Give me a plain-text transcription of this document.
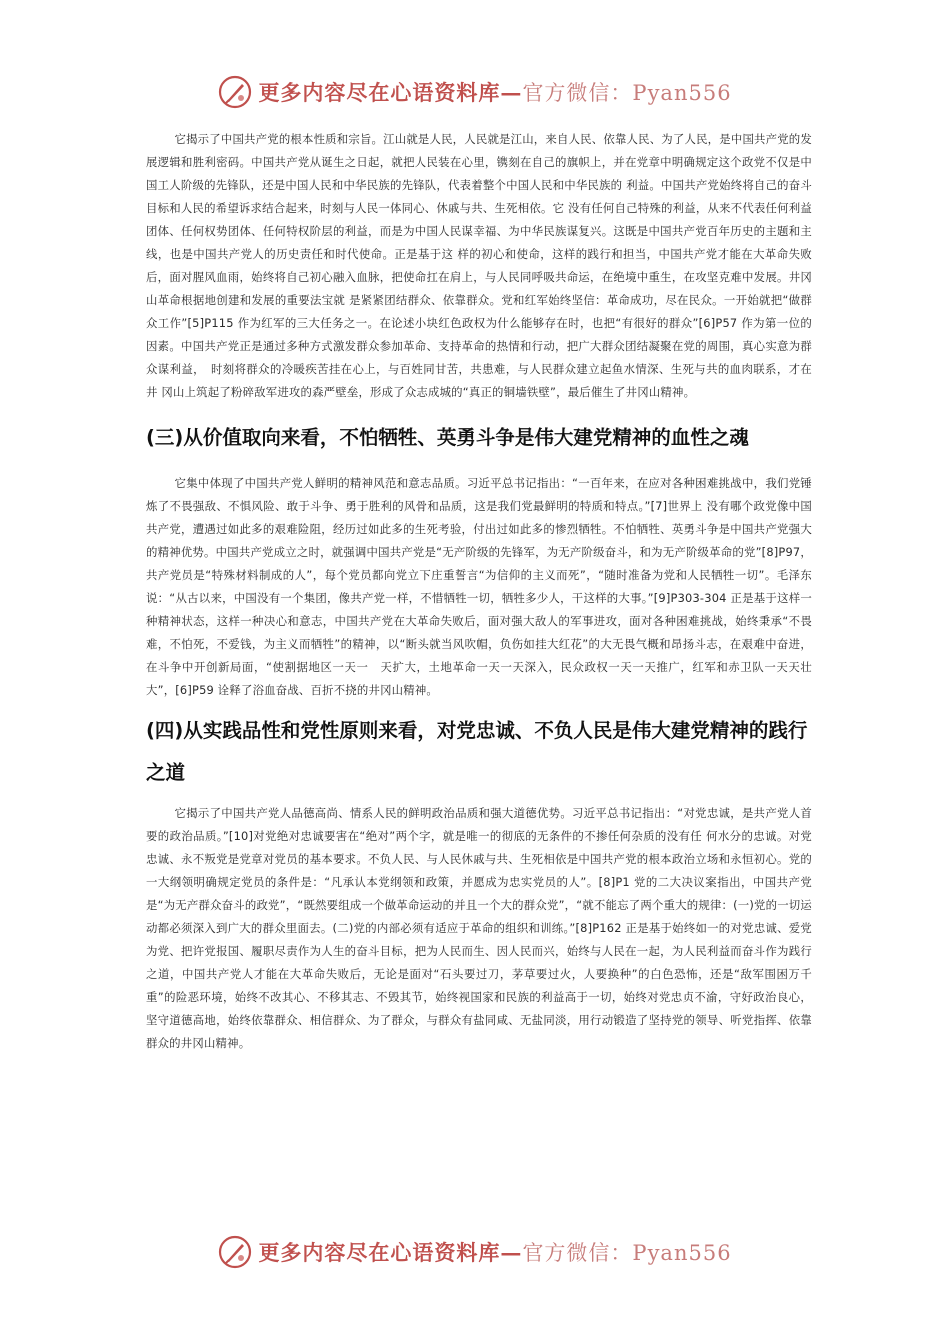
更多内容尽在心语资料库—官方微信：Pyan556

它揭示了中国共产党的根本性质和宗旨。江山就是人民，人民就是江山，来自人民、依靠人民、为了人民，是中国共产党的发展逻辑和胜利密码。中国共产党从诞生之日起，就把人民装在心里，镌刻在自己的旗帜上，并在党章中明确规定这个政党不仅是中国工人阶级的先锋队，还是中国人民和中华民族的先锋队，代表着整个中国人民和中华民族的 利益。中国共产党始终将自己的奋斗目标和人民的希望诉求结合起来，时刻与人民一体同心、休戚与共、生死相依。它 没有任何自己特殊的利益，从来不代表任何利益团体、任何权势团体、任何特权阶层的利益，而是为中国人民谋幸福、为中华民族谋复兴。这既是中国共产党百年历史的主题和主线，也是中国共产党人的历史责任和时代使命。正是基于这 样的初心和使命，这样的践行和担当，中国共产党才能在大革命失败后，面对腥风血雨，始终将自己初心融入血脉，把使命扛在肩上，与人民同呼吸共命运，在绝境中重生，在攻坚克难中发展。井冈山革命根据地创建和发展的重要法宝就 是紧紧团结群众、依靠群众。党和红军始终坚信：革命成功，尽在民众。一开始就把“做群众工作”[5]P115 作为红军的三大任务之一。在论述小块红色政权为什么能够存在时，也把“有很好的群众”[6]P57 作为第一位的因素。中国共产党正是通过多种方式激发群众参加革命、支持革命的热情和行动，把广大群众团结凝聚在党的周围，真心实意为群众谋利益，　时刻将群众的冷暖疾苦挂在心上，与百姓同甘苦，共患难，与人民群众建立起鱼水情深、生死与共的血肉联系，才在井 冈山上筑起了粉碎敌军进攻的森严壁垒，形成了众志成城的“真正的铜墙铁壁”，最后催生了井冈山精神。

(三)从价值取向来看，不怕牺牲、英勇斗争是伟大建党精神的血性之魂

它集中体现了中国共产党人鲜明的精神风范和意志品质。习近平总书记指出：“一百年来，在应对各种困难挑战中，我们党锤炼了不畏强敌、不惧风险、敢于斗争、勇于胜利的风骨和品质，这是我们党最鲜明的特质和特点。”[7]世界上 没有哪个政党像中国共产党，遭遇过如此多的艰难险阻，经历过如此多的生死考验，付出过如此多的惨烈牺牲。不怕牺牲、英勇斗争是中国共产党强大的精神优势。中国共产党成立之时，就强调中国共产党是“无产阶级的先锋军，为无产阶级奋斗，和为无产阶级革命的党”[8]P97，共产党员是“特殊材料制成的人”，每个党员都向党立下庄重誓言“为信仰的主义而死”，“随时准备为党和人民牺牲一切”。毛泽东说：“从古以来，中国没有一个集团，像共产党一样，不惜牺牲一切，牺牲多少人，干这样的大事。”[9]P303-304 正是基于这样一种精神状态，这样一种决心和意志，中国共产党在大革命失败后，面对强大敌人的军事进攻，面对各种困难挑战，始终秉承“不畏难，不怕死，不爱钱，为主义而牺牲”的精神，以“断头就当风吹帽，负伤如挂大红花”的大无畏气概和昂扬斗志，在艰难中奋进，在斗争中开创新局面，“使割据地区一天一　天扩大，土地革命一天一天深入，民众政权一天一天推广，红军和赤卫队一天天壮大”，[6]P59 诠释了浴血奋战、百折不挠的井冈山精神。

(四)从实践品性和党性原则来看，对党忠诚、不负人民是伟大建党精神的践行之道

它揭示了中国共产党人品德高尚、情系人民的鲜明政治品质和强大道德优势。习近平总书记指出：“对党忠诚，是共产党人首要的政治品质。”[10]对党绝对忠诚要害在“绝对”两个字，就是唯一的彻底的无条件的不掺任何杂质的没有任 何水分的忠诚。对党忠诚、永不叛党是党章对党员的基本要求。不负人民、与人民休戚与共、生死相依是中国共产党的根本政治立场和永恒初心。党的一大纲领明确规定党员的条件是：“凡承认本党纲领和政策，并愿成为忠实党员的人”。[8]P1 党的二大决议案指出，中国共产党是“为无产群众奋斗的政党”，“既然要组成一个做革命运动的并且一个大的群众党”，“就不能忘了两个重大的规律：(一)党的一切运动都必须深入到广大的群众里面去。(二)党的内部必须有适应于革命的组织和训练。”[8]P162 正是基于始终如一的对党忠诚、爱党为党、把许党报国、履职尽责作为人生的奋斗目标，把为人民而生、因人民而兴，始终与人民在一起，为人民利益而奋斗作为践行之道，中国共产党人才能在大革命失败后，无论是面对“石头要过刀，茅草要过火，人要换种”的白色恐怖，还是“敌军围困万千重”的险恶环境，始终不改其心、不移其志、不毁其节，始终视国家和民族的利益高于一切，始终对党忠贞不渝，守好政治良心，坚守道德高地，始终依靠群众、相信群众、为了群众，与群众有盐同咸、无盐同淡，用行动锻造了坚持党的领导、听党指挥、依靠群众的井冈山精神。

更多内容尽在心语资料库—官方微信：Pyan556
